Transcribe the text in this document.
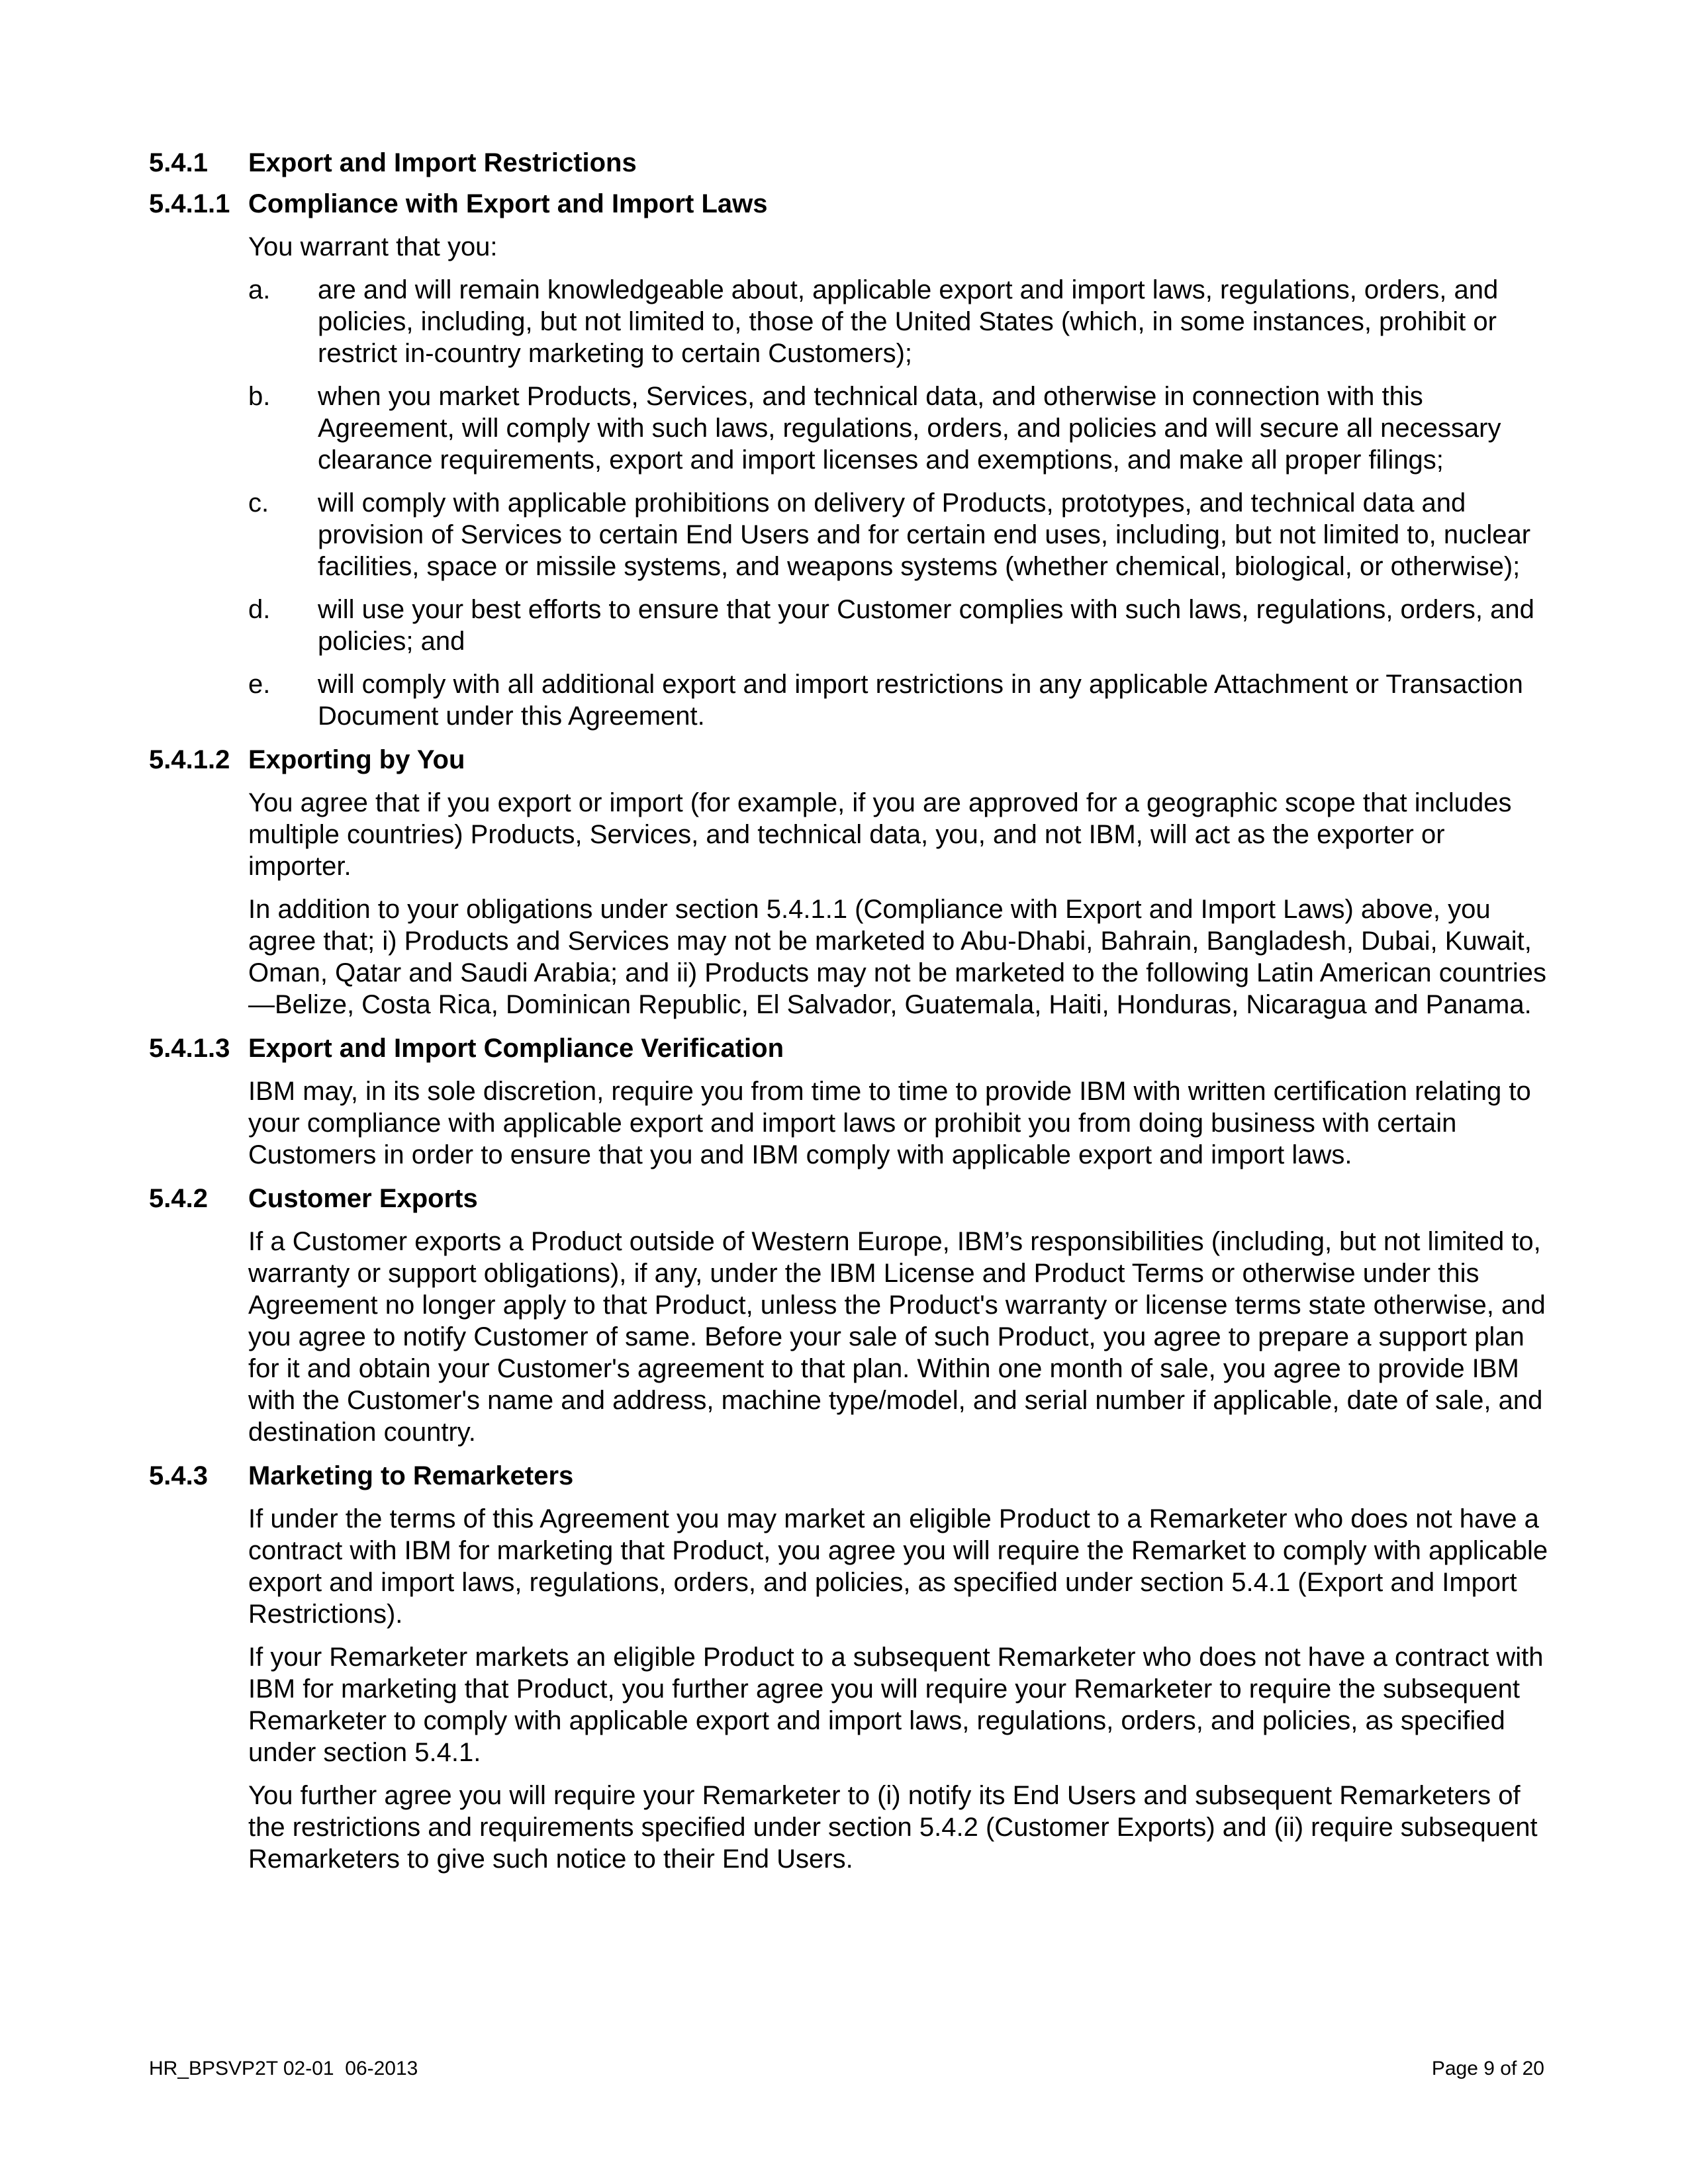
5.4.1	Export and Import Restrictions
5.4.1.1 Compliance with Export and Import Laws
You warrant that you:
a.	are and will remain knowledgeable about, applicable export and import laws, regulations, orders, and policies, including, but not limited to, those of the United States (which, in some instances, prohibit or restrict in-country marketing to certain Customers);
b.	when you market Products, Services, and technical data, and otherwise in connection with this Agreement, will comply with such laws, regulations, orders, and policies and will secure all necessary clearance requirements, export and import licenses and exemptions, and make all proper filings;
c.	will comply with applicable prohibitions on delivery of Products, prototypes, and technical data and provision of Services to certain End Users and for certain end uses, including, but not limited to, nuclear facilities, space or missile systems, and weapons systems (whether chemical, biological, or otherwise);
d.	will use your best efforts to ensure that your Customer complies with such laws, regulations, orders, and policies; and
e.	will comply with all additional export and import restrictions in any applicable Attachment or Transaction Document under this Agreement.
5.4.1.2 Exporting by You
You agree that if you export or import (for example, if you are approved for a geographic scope that includes multiple countries) Products, Services, and technical data, you, and not IBM, will act as the exporter or importer.
In addition to your obligations under section 5.4.1.1 (Compliance with Export and Import Laws) above, you agree that; i) Products and Services may not be marketed to Abu-Dhabi, Bahrain, Bangladesh, Dubai, Kuwait, Oman, Qatar and Saudi Arabia; and ii) Products may not be marketed to the following Latin American countries—Belize, Costa Rica, Dominican Republic, El Salvador, Guatemala, Haiti, Honduras, Nicaragua and Panama.
5.4.1.3 Export and Import Compliance Verification
IBM may, in its sole discretion, require you from time to time to provide IBM with written certification relating to your compliance with applicable export and import laws or prohibit you from doing business with certain Customers in order to ensure that you and IBM comply with applicable export and import laws.
5.4.2	Customer Exports
If a Customer exports a Product outside of Western Europe, IBM’s responsibilities (including, but not limited to, warranty or support obligations), if any, under the IBM License and Product Terms or otherwise under this Agreement no longer apply to that Product, unless the Product's warranty or license terms state otherwise, and you agree to notify Customer of same. Before your sale of such Product, you agree to prepare a support plan for it and obtain your Customer's agreement to that plan. Within one month of sale, you agree to provide IBM with the Customer's name and address, machine type/model, and serial number if applicable, date of sale, and destination country.
5.4.3	Marketing to Remarketers
If under the terms of this Agreement you may market an eligible Product to a Remarketer who does not have a contract with IBM for marketing that Product, you agree you will require the Remarket to comply with applicable export and import laws, regulations, orders, and policies, as specified under section 5.4.1 (Export and Import Restrictions).
If your Remarketer markets an eligible Product to a subsequent Remarketer who does not have a contract with IBM for marketing that Product, you further agree you will require your Remarketer to require the subsequent Remarketer to comply with applicable export and import laws, regulations, orders, and policies, as specified under section 5.4.1.
You further agree you will require your Remarketer to (i) notify its End Users and subsequent Remarketers of the restrictions and requirements specified under section 5.4.2 (Customer Exports) and (ii) require subsequent Remarketers to give such notice to their End Users.
HR_BPSVP2T 02-01  06-2013	Page 9 of 20
